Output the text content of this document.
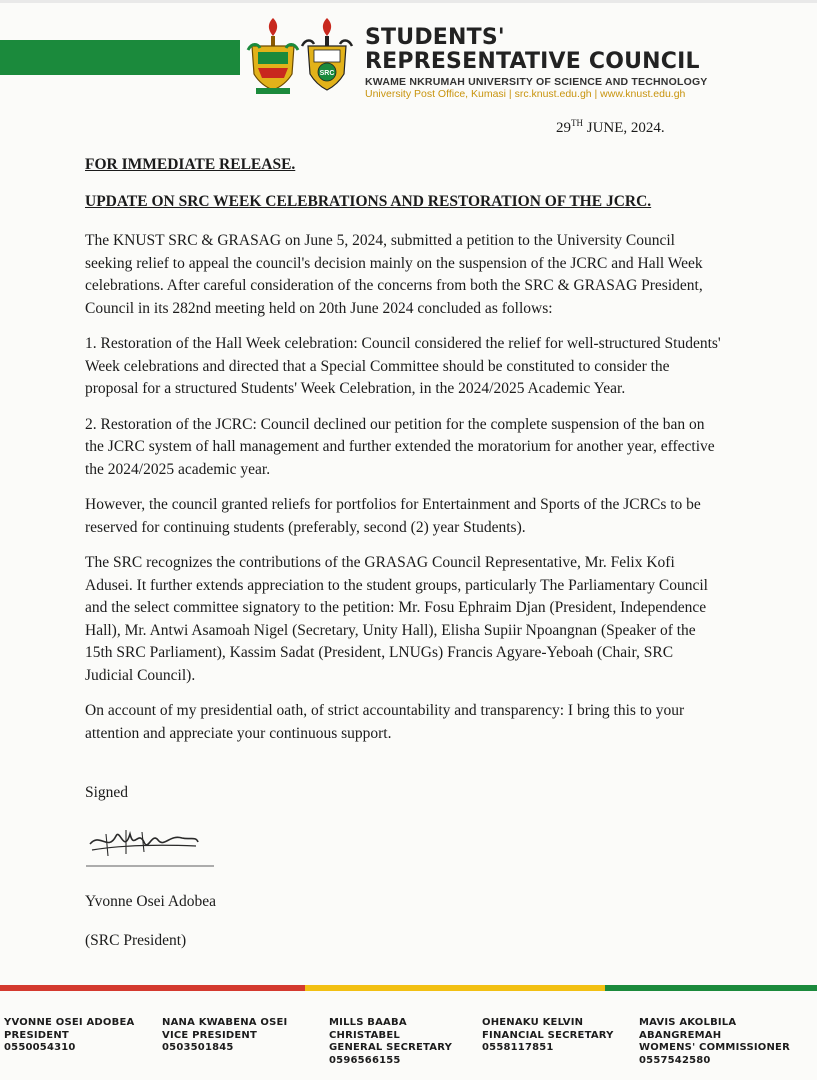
SRC
STUDENTS'
REPRESENTATIVE COUNCIL
KWAME NKRUMAH UNIVERSITY OF SCIENCE AND TECHNOLOGY
University Post Office, Kumasi | src.knust.edu.gh | www.knust.edu.gh
29TH JUNE, 2024.
FOR IMMEDIATE RELEASE.
UPDATE ON SRC WEEK CELEBRATIONS AND RESTORATION OF THE JCRC.

The KNUST SRC & GRASAG on June 5, 2024, submitted a petition to the University Council seeking relief to appeal the council's decision mainly on the suspension of the JCRC and Hall Week celebrations. After careful consideration of the concerns from both the SRC & GRASAG President, Council in its 282nd meeting held on 20th June 2024 concluded as follows:

1. Restoration of the Hall Week celebration: Council considered the relief for well-structured Students' Week celebrations and directed that a Special Committee should be constituted to consider the proposal for a structured Students' Week Celebration, in the 2024/2025 Academic Year.

2. Restoration of the JCRC: Council declined our petition for the complete suspension of the ban on the JCRC system of hall management and further extended the moratorium for another year, effective the 2024/2025 academic year.

However, the council granted reliefs for portfolios for Entertainment and Sports of the JCRCs to be reserved for continuing students (preferably, second (2) year Students).

The SRC recognizes the contributions of the GRASAG Council Representative, Mr. Felix Kofi Adusei. It further extends appreciation to the student groups, particularly The Parliamentary Council and the select committee signatory to the petition: Mr. Fosu Ephraim Djan (President, Independence Hall), Mr. Antwi Asamoah Nigel (Secretary, Unity Hall), Elisha Supiir Npoangnan (Speaker of the 15th SRC Parliament), Kassim Sadat (President, LNUGs) Francis Agyare-Yeboah (Chair, SRC Judicial Council).

On account of my presidential oath, of strict accountability and transparency: I bring this to your attention and appreciate your continuous support.

Signed
Yvonne Osei Adobea
(SRC President)
YVONNE OSEI ADOBEA
PRESIDENT
0550054310
NANA KWABENA OSEI
VICE PRESIDENT
0503501845
MILLS BAABA
CHRISTABEL
GENERAL SECRETARY
0596566155
OHENAKU KELVIN
FINANCIAL SECRETARY
0558117851
MAVIS AKOLBILA
ABANGREMAH
WOMENS' COMMISSIONER
0557542580
